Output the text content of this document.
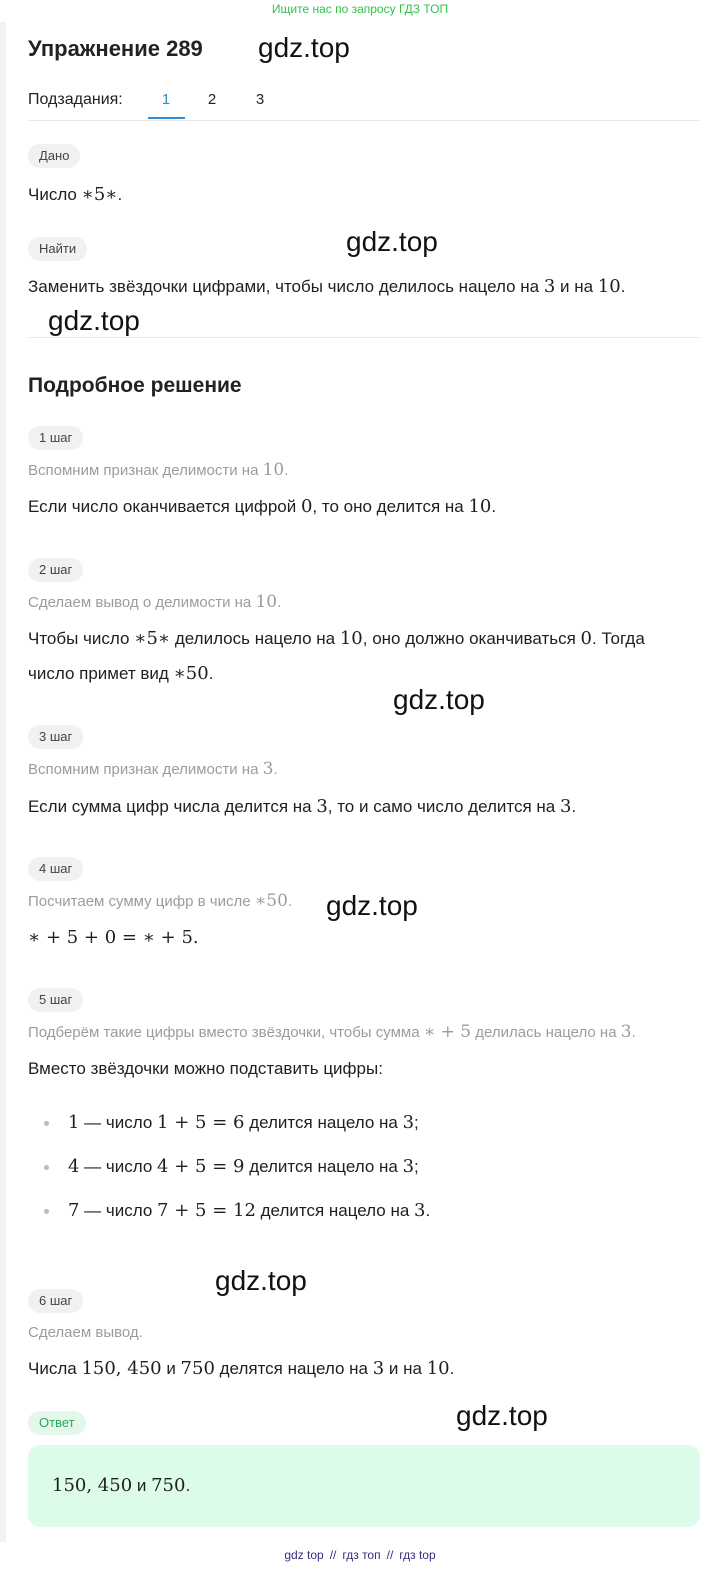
Ищите нас по запросу ГДЗ ТОП
Упражнение 289 gdz.top
gdz.top
gdz.top
gdz.top
gdz.top
gdz.top
gdz.top
Подзадания:	1	2	3
Дано
Число ∗5∗.
Найти
Заменить звёздочки цифрами, чтобы число делилось нацело на 3 и на 10.
Подробное решение
1 шаг
Вспомним признак делимости на 10.
Если число оканчивается цифрой 0, то оно делится на 10.
2 шаг
Сделаем вывод о делимости на 10.
Чтобы число ∗5∗ делилось нацело на 10, оно должно оканчиваться 0. Тогда
число примет вид ∗50.
3 шаг
Вспомним признак делимости на 3.
Если сумма цифр числа делится на 3, то и само число делится на 3.
4 шаг
Посчитаем сумму цифр в числе ∗50.
∗ + 5 + 0 = ∗ + 5.
5 шаг
Подберём такие цифры вместо звёздочки, чтобы сумма ∗ + 5 делилась нацело на 3.
Вместо звёздочки можно подставить цифры:
1 — число 1 + 5 = 6 делится нацело на 3;
4 — число 4 + 5 = 9 делится нацело на 3;
7 — число 7 + 5 = 12 делится нацело на 3.
6 шаг
Сделаем вывод.
Числа 150, 450 и 750 делятся нацело на 3 и на 10.
Ответ
150, 450 и 750.
gdz top // гдз топ // гдз top
